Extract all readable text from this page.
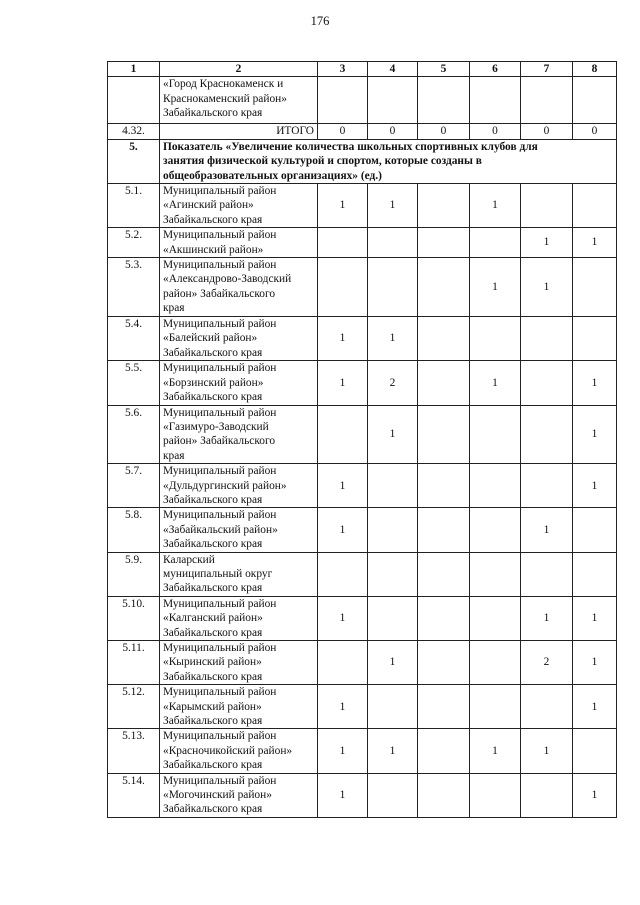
176
1	2	3	4	5	6	7	8
	«Город Краснокаменск и
Краснокаменский район»
Забайкальского края						
4.32.	ИТОГО	0	0	0	0	0	0
5.	Показатель «Увеличение количества школьных спортивных клубов для
занятия физической культурой и спортом, которые созданы в
общеобразовательных организациях» (ед.)						
5.1.	Муниципальный район
«Агинский район»
Забайкальского края	1	1		1		
5.2.	Муниципальный район
«Акшинский район»					1	1
5.3.	Муниципальный район
«Александрово-Заводский
район» Забайкальского
края				1	1	
5.4.	Муниципальный район
«Балейский район»
Забайкальского края	1	1				
5.5.	Муниципальный район
«Борзинский район»
Забайкальского края	1	2		1		1
5.6.	Муниципальный район
«Газимуро-Заводский
район» Забайкальского
края		1				1
5.7.	Муниципальный район
«Дульдургинский район»
Забайкальского края	1					1
5.8.	Муниципальный район
«Забайкальский район»
Забайкальского края	1				1	
5.9.	Каларский
муниципальный округ
Забайкальского края						
5.10.	Муниципальный район
«Калганский район»
Забайкальского края	1				1	1
5.11.	Муниципальный район
«Кыринский район»
Забайкальского края		1			2	1
5.12.	Муниципальный район
«Карымский район»
Забайкальского края	1					1
5.13.	Муниципальный район
«Красночикойский район»
Забайкальского края	1	1		1	1	
5.14.	Муниципальный район
«Могочинский район»
Забайкальского края	1					1
